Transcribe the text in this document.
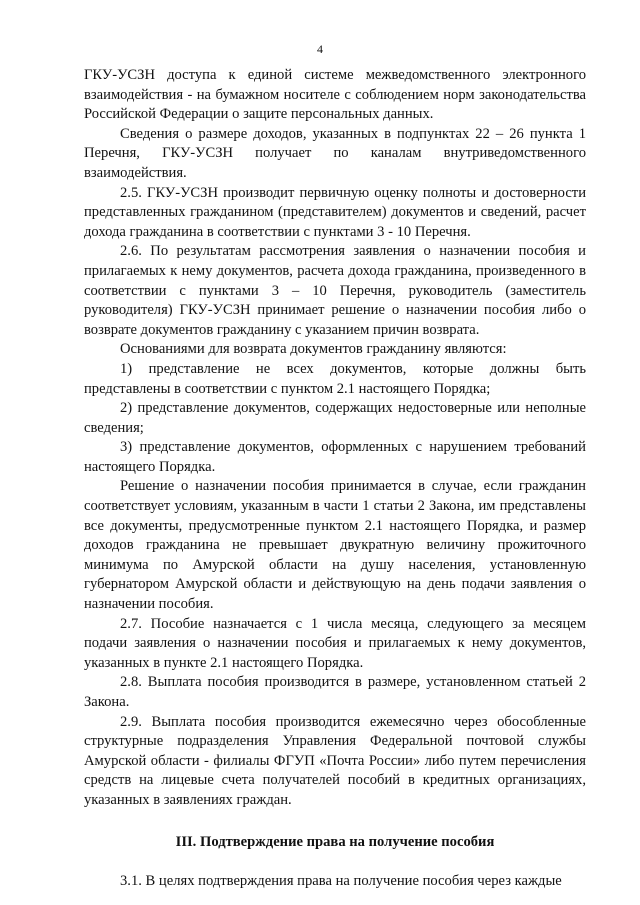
4

ГКУ-УСЗН доступа к единой системе межведомственного электронного взаимодействия - на бумажном носителе с соблюдением норм законодательства Российской Федерации о защите персональных данных.

Сведения о размере доходов, указанных в подпунктах 22 – 26 пункта 1 Перечня, ГКУ-УСЗН получает по каналам внутриведомственного взаимодействия.

2.5. ГКУ-УСЗН производит первичную оценку полноты и достоверности представленных гражданином (представителем) документов и сведений, расчет дохода гражданина в соответствии с пунктами 3 - 10 Перечня.

2.6. По результатам рассмотрения заявления о назначении пособия и прилагаемых к нему документов, расчета дохода гражданина, произведенного в соответствии с пунктами 3 – 10 Перечня, руководитель (заместитель руководителя) ГКУ-УСЗН принимает решение о назначении пособия либо о возврате документов гражданину с указанием причин возврата.

Основаниями для возврата документов гражданину являются:

1) представление не всех документов, которые должны быть представлены в соответствии с пунктом 2.1 настоящего Порядка;

2) представление документов, содержащих недостоверные или неполные сведения;

3) представление документов, оформленных с нарушением требований настоящего Порядка.

Решение о назначении пособия принимается в случае, если гражданин соответствует условиям, указанным в части 1 статьи 2 Закона, им представлены все документы, предусмотренные пунктом 2.1 настоящего Порядка, и размер доходов гражданина не превышает двукратную величину прожиточного минимума по Амурской области на душу населения, установленную губернатором Амурской области и действующую на день подачи заявления о назначении пособия.

2.7. Пособие назначается с 1 числа месяца, следующего за месяцем подачи заявления о назначении пособия и прилагаемых к нему документов, указанных в пункте 2.1 настоящего Порядка.

2.8. Выплата пособия производится в размере, установленном статьей 2 Закона.

2.9. Выплата пособия производится ежемесячно через обособленные структурные подразделения Управления Федеральной почтовой службы Амурской области - филиалы ФГУП «Почта России» либо путем перечисления средств на лицевые счета получателей пособий в кредитных организациях, указанных в заявлениях граждан.

III. Подтверждение права на получение пособия

3.1. В целях подтверждения права на получение пособия через каждые
